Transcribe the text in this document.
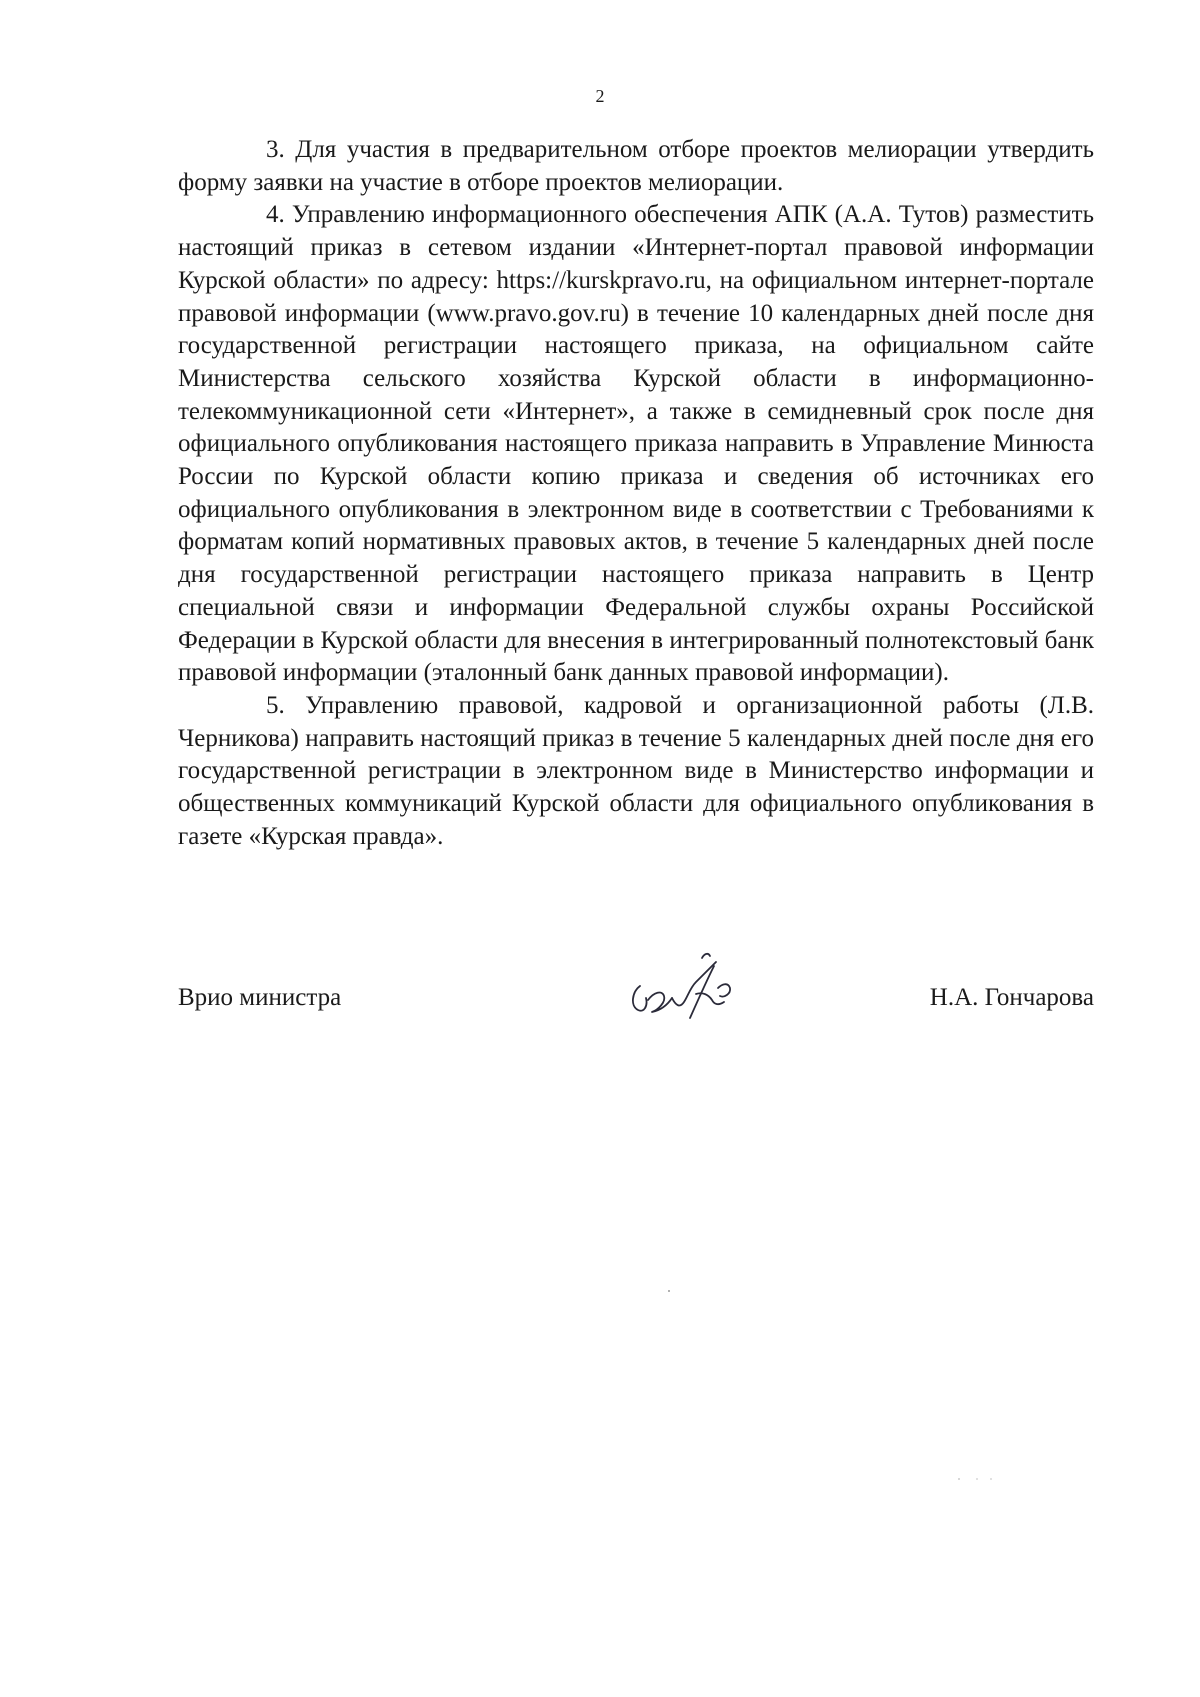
2

3. Для участия в предварительном отборе проектов мелиорации утвердить форму заявки на участие в отборе проектов мелиорации.

4. Управлению информационного обеспечения АПК (А.А. Тутов) разместить настоящий приказ в сетевом издании «Интернет-портал правовой информации Курской области» по адресу: https://kurskpravo.ru, на официальном интернет-портале правовой информации (www.pravo.gov.ru) в течение 10 календарных дней после дня государственной регистрации настоящего приказа, на официальном сайте Министерства сельского хозяйства Курской области в информационно-телекоммуникационной сети «Интернет», а также в семидневный срок после дня официального опубликования настоящего приказа направить в Управление Минюста России по Курской области копию приказа и сведения об источниках его официального опубликования в электронном виде в соответствии с Требованиями к форматам копий нормативных правовых актов, в течение 5 календарных дней после дня государственной регистрации настоящего приказа направить в Центр специальной связи и информации Федеральной службы охраны Российской Федерации в Курской области для внесения в интегрированный полнотекстовый банк правовой информации (эталонный банк данных правовой информации).

5. Управлению правовой, кадровой и организационной работы (Л.В. Черникова) направить настоящий приказ в течение 5 календарных дней после дня его государственной регистрации в электронном виде в Министерство информации и общественных коммуникаций Курской области для официального опубликования в газете «Курская правда».

Врио министра	Н.А. Гончарова
